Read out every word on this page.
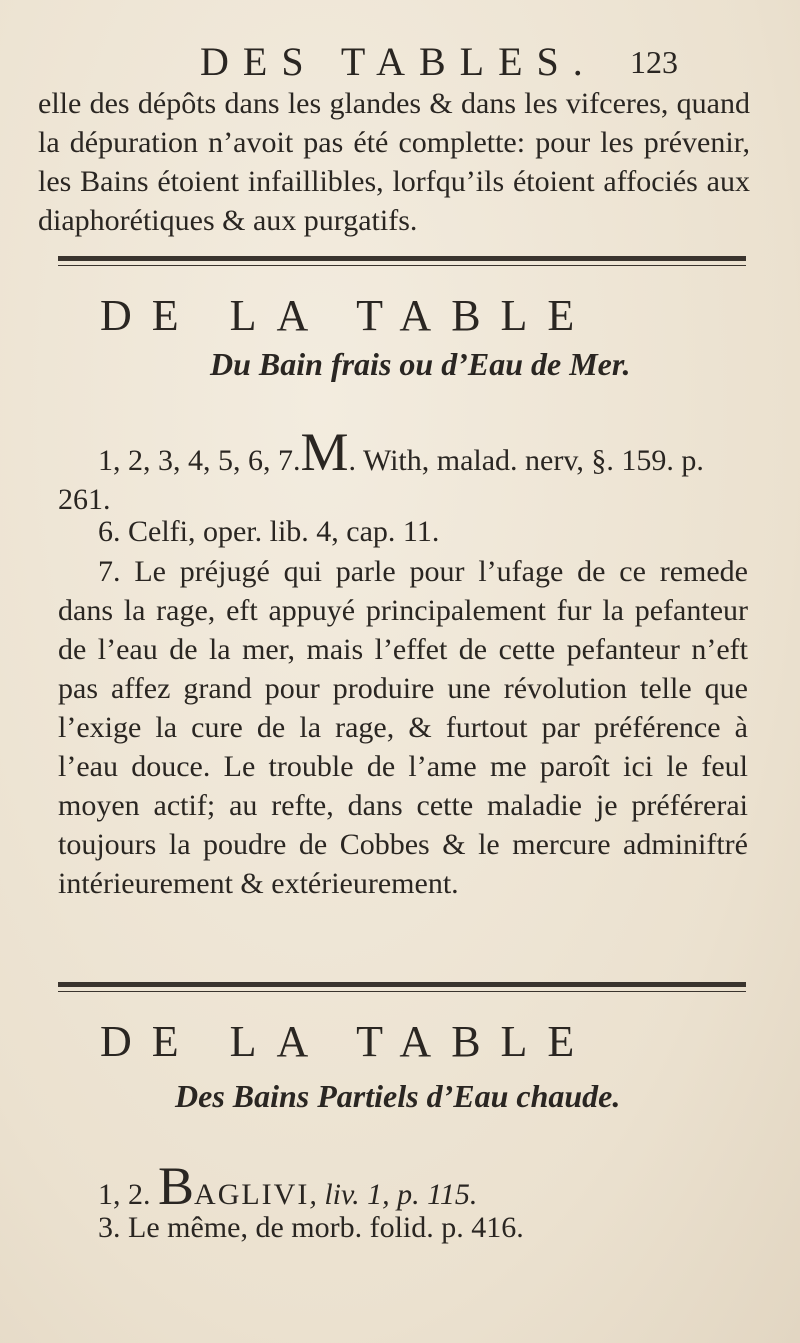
DES TABLES. 123
elle des dépôts dans les glandes & dans les vifceres, quand la dépuration n’avoit pas été complette: pour les prévenir, les Bains étoient infaillibles, lorfqu’ils étoient affociés aux diaphorétiques & aux purgatifs.
DE LA TABLE
Du Bain frais ou d’Eau de Mer.
1, 2, 3, 4, 5, 6, 7.M. With, malad. nerv, §. 159. p. 261.
6. Celfi, oper. lib. 4, cap. 11.
7. Le préjugé qui parle pour l’ufage de ce remede dans la rage, eft appuyé principalement fur la pefanteur de l’eau de la mer, mais l’effet de cette pefanteur n’eft pas affez grand pour produire une révolution telle que l’exige la cure de la rage, & furtout par préférence à l’eau douce. Le trouble de l’ame me paroît ici le feul moyen actif; au refte, dans cette maladie je préférerai toujours la poudre de Cobbes & le mercure adminiftré intérieurement & extérieurement.
DE LA TABLE
Des Bains Partiels d’Eau chaude.
1, 2. BAGLIVI, liv. 1, p. 115.
3. Le même, de morb. folid. p. 416.
